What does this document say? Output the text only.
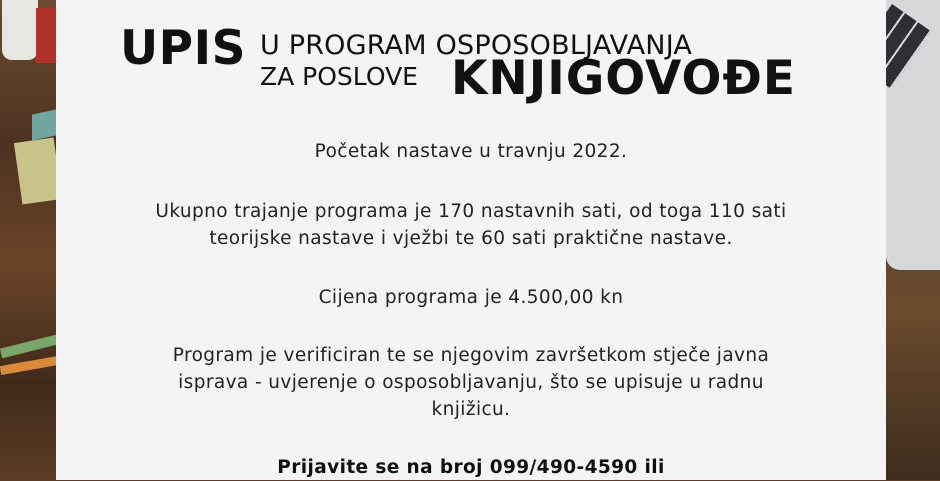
UPIS U PROGRAM OSPOSOBLJAVANJA
ZA POSLOVE KNJIGOVOĐE
Početak nastave u travnju 2022.
Ukupno trajanje programa je 170 nastavnih sati, od toga 110 sati
teorijske nastave i vježbi te 60 sati praktične nastave.
Cijena programa je 4.500,00 kn
Program je verificiran te se njegovim završetkom stječe javna
isprava - uvjerenje o osposobljavanju, što se upisuje u radnu
knjižicu.
Prijavite se na broj 099/490-4590 ili
